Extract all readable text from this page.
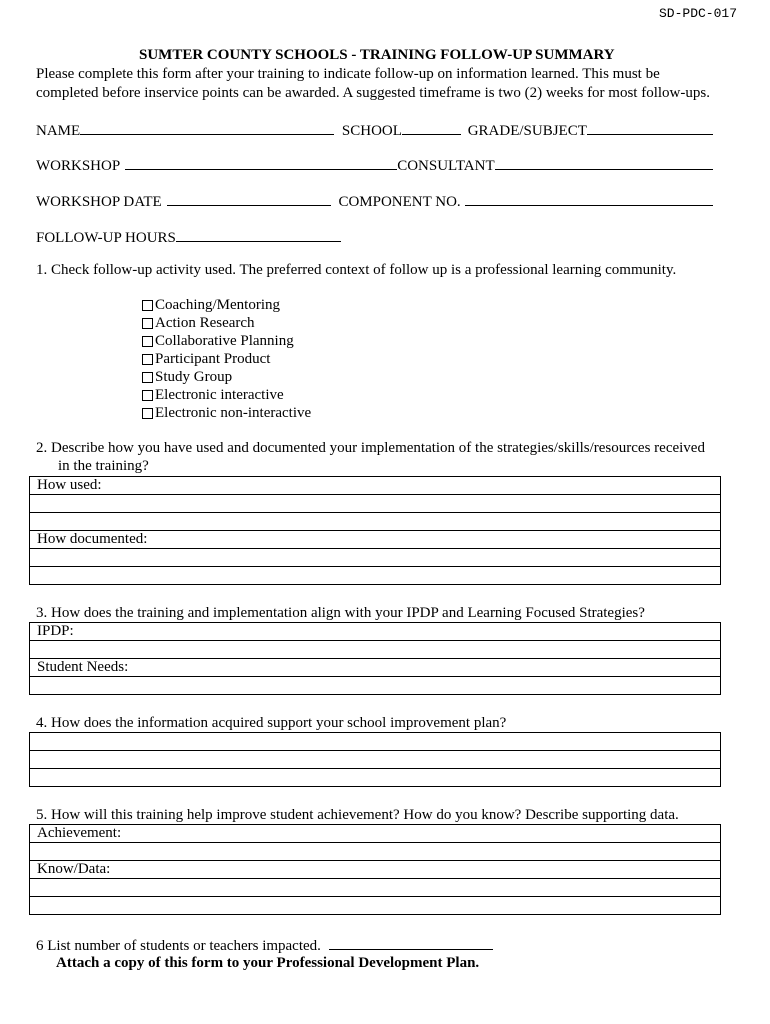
SD-PDC-017
SUMTER COUNTY SCHOOLS - TRAINING FOLLOW-UP SUMMARY
Please complete this form after your training to indicate follow-up on information learned. This must be
completed before inservice points can be awarded. A suggested timeframe is two (2) weeks for most follow-ups.
NAME	SCHOOL	GRADE/SUBJECT
WORKSHOP	CONSULTANT
WORKSHOP DATE	COMPONENT NO.
FOLLOW-UP HOURS
1. Check follow-up activity used. The preferred context of follow up is a professional learning community.
Coaching/Mentoring
Action Research
Collaborative Planning
Participant Product
Study Group
Electronic interactive
Electronic non-interactive
2. Describe how you have used and documented your implementation of the strategies/skills/resources received
in the training?
How used:

How documented:

3. How does the training and implementation align with your IPDP and Learning Focused Strategies?
IPDP:

Student Needs:

4. How does the information acquired support your school improvement plan?

5. How will this training help improve student achievement? How do you know? Describe supporting data.
Achievement:

Know/Data:

6 List number of students or teachers impacted.
Attach a copy of this form to your Professional Development Plan.
